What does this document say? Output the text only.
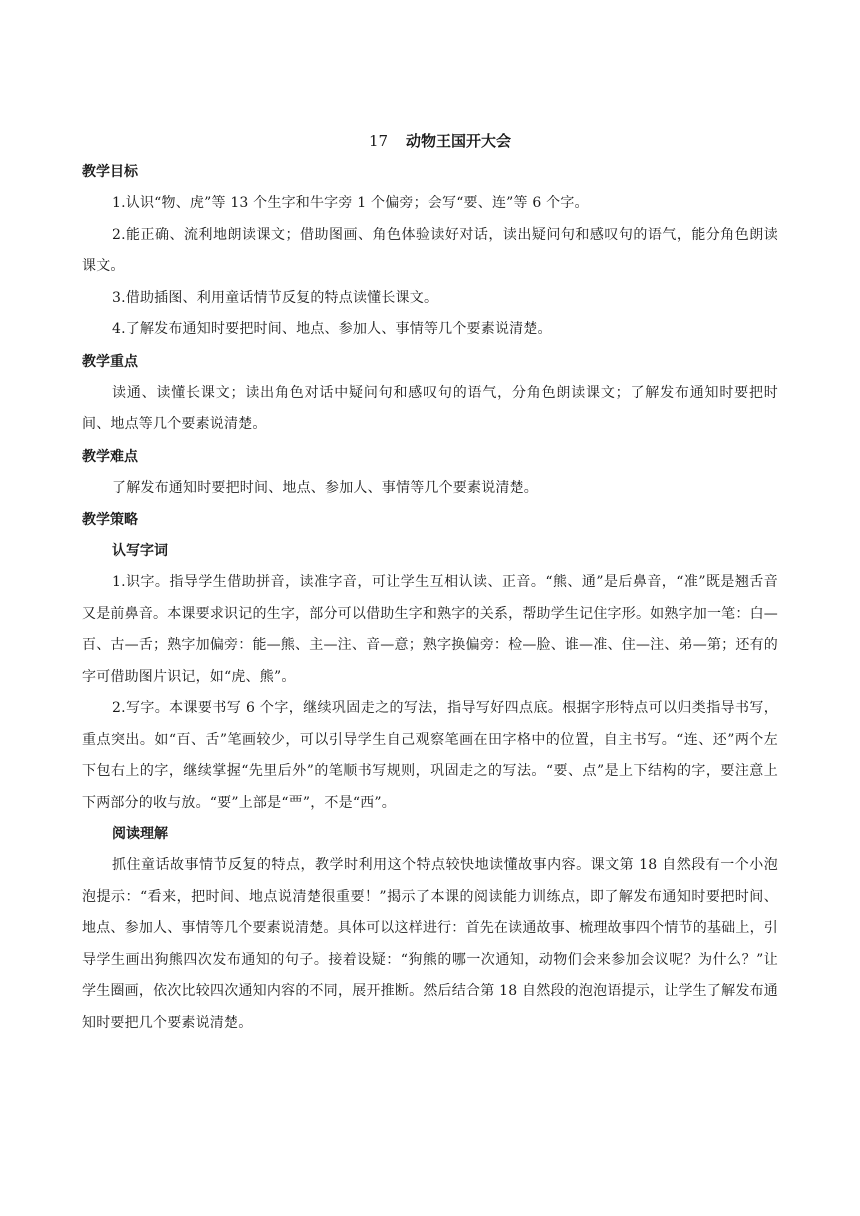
17 动物王国开大会

教学目标

1.认识“物、虎”等 13 个生字和牛字旁 1 个偏旁；会写“要、连”等 6 个字。

2.能正确、流利地朗读课文；借助图画、角色体验读好对话，读出疑问句和感叹句的语气，能分角色朗读课文。

3.借助插图、利用童话情节反复的特点读懂长课文。

4.了解发布通知时要把时间、地点、参加人、事情等几个要素说清楚。

教学重点

读通、读懂长课文；读出角色对话中疑问句和感叹句的语气，分角色朗读课文；了解发布通知时要把时间、地点等几个要素说清楚。

教学难点

了解发布通知时要把时间、地点、参加人、事情等几个要素说清楚。

教学策略

认写字词

1.识字。指导学生借助拼音，读准字音，可让学生互相认读、正音。“熊、通”是后鼻音，“准”既是翘舌音又是前鼻音。本课要求识记的生字，部分可以借助生字和熟字的关系，帮助学生记住字形。如熟字加一笔：白—百、古—舌；熟字加偏旁：能—熊、主—注、音—意；熟字换偏旁：检—脸、谁—准、住—注、弟—第；还有的字可借助图片识记，如“虎、熊”。

2.写字。本课要书写 6 个字，继续巩固走之的写法，指导写好四点底。根据字形特点可以归类指导书写，重点突出。如“百、舌”笔画较少，可以引导学生自己观察笔画在田字格中的位置，自主书写。“连、还”两个左下包右上的字，继续掌握“先里后外”的笔顺书写规则，巩固走之的写法。“要、点”是上下结构的字，要注意上下两部分的收与放。“要”上部是“覀”，不是“西”。

阅读理解

抓住童话故事情节反复的特点，教学时利用这个特点较快地读懂故事内容。课文第 18 自然段有一个小泡泡提示：“看来，把时间、地点说清楚很重要！”揭示了本课的阅读能力训练点，即了解发布通知时要把时间、地点、参加人、事情等几个要素说清楚。具体可以这样进行：首先在读通故事、梳理故事四个情节的基础上，引导学生画出狗熊四次发布通知的句子。接着设疑：“狗熊的哪一次通知，动物们会来参加会议呢？为什么？”让学生圈画，依次比较四次通知内容的不同，展开推断。然后结合第 18 自然段的泡泡语提示，让学生了解发布通知时要把几个要素说清楚。
